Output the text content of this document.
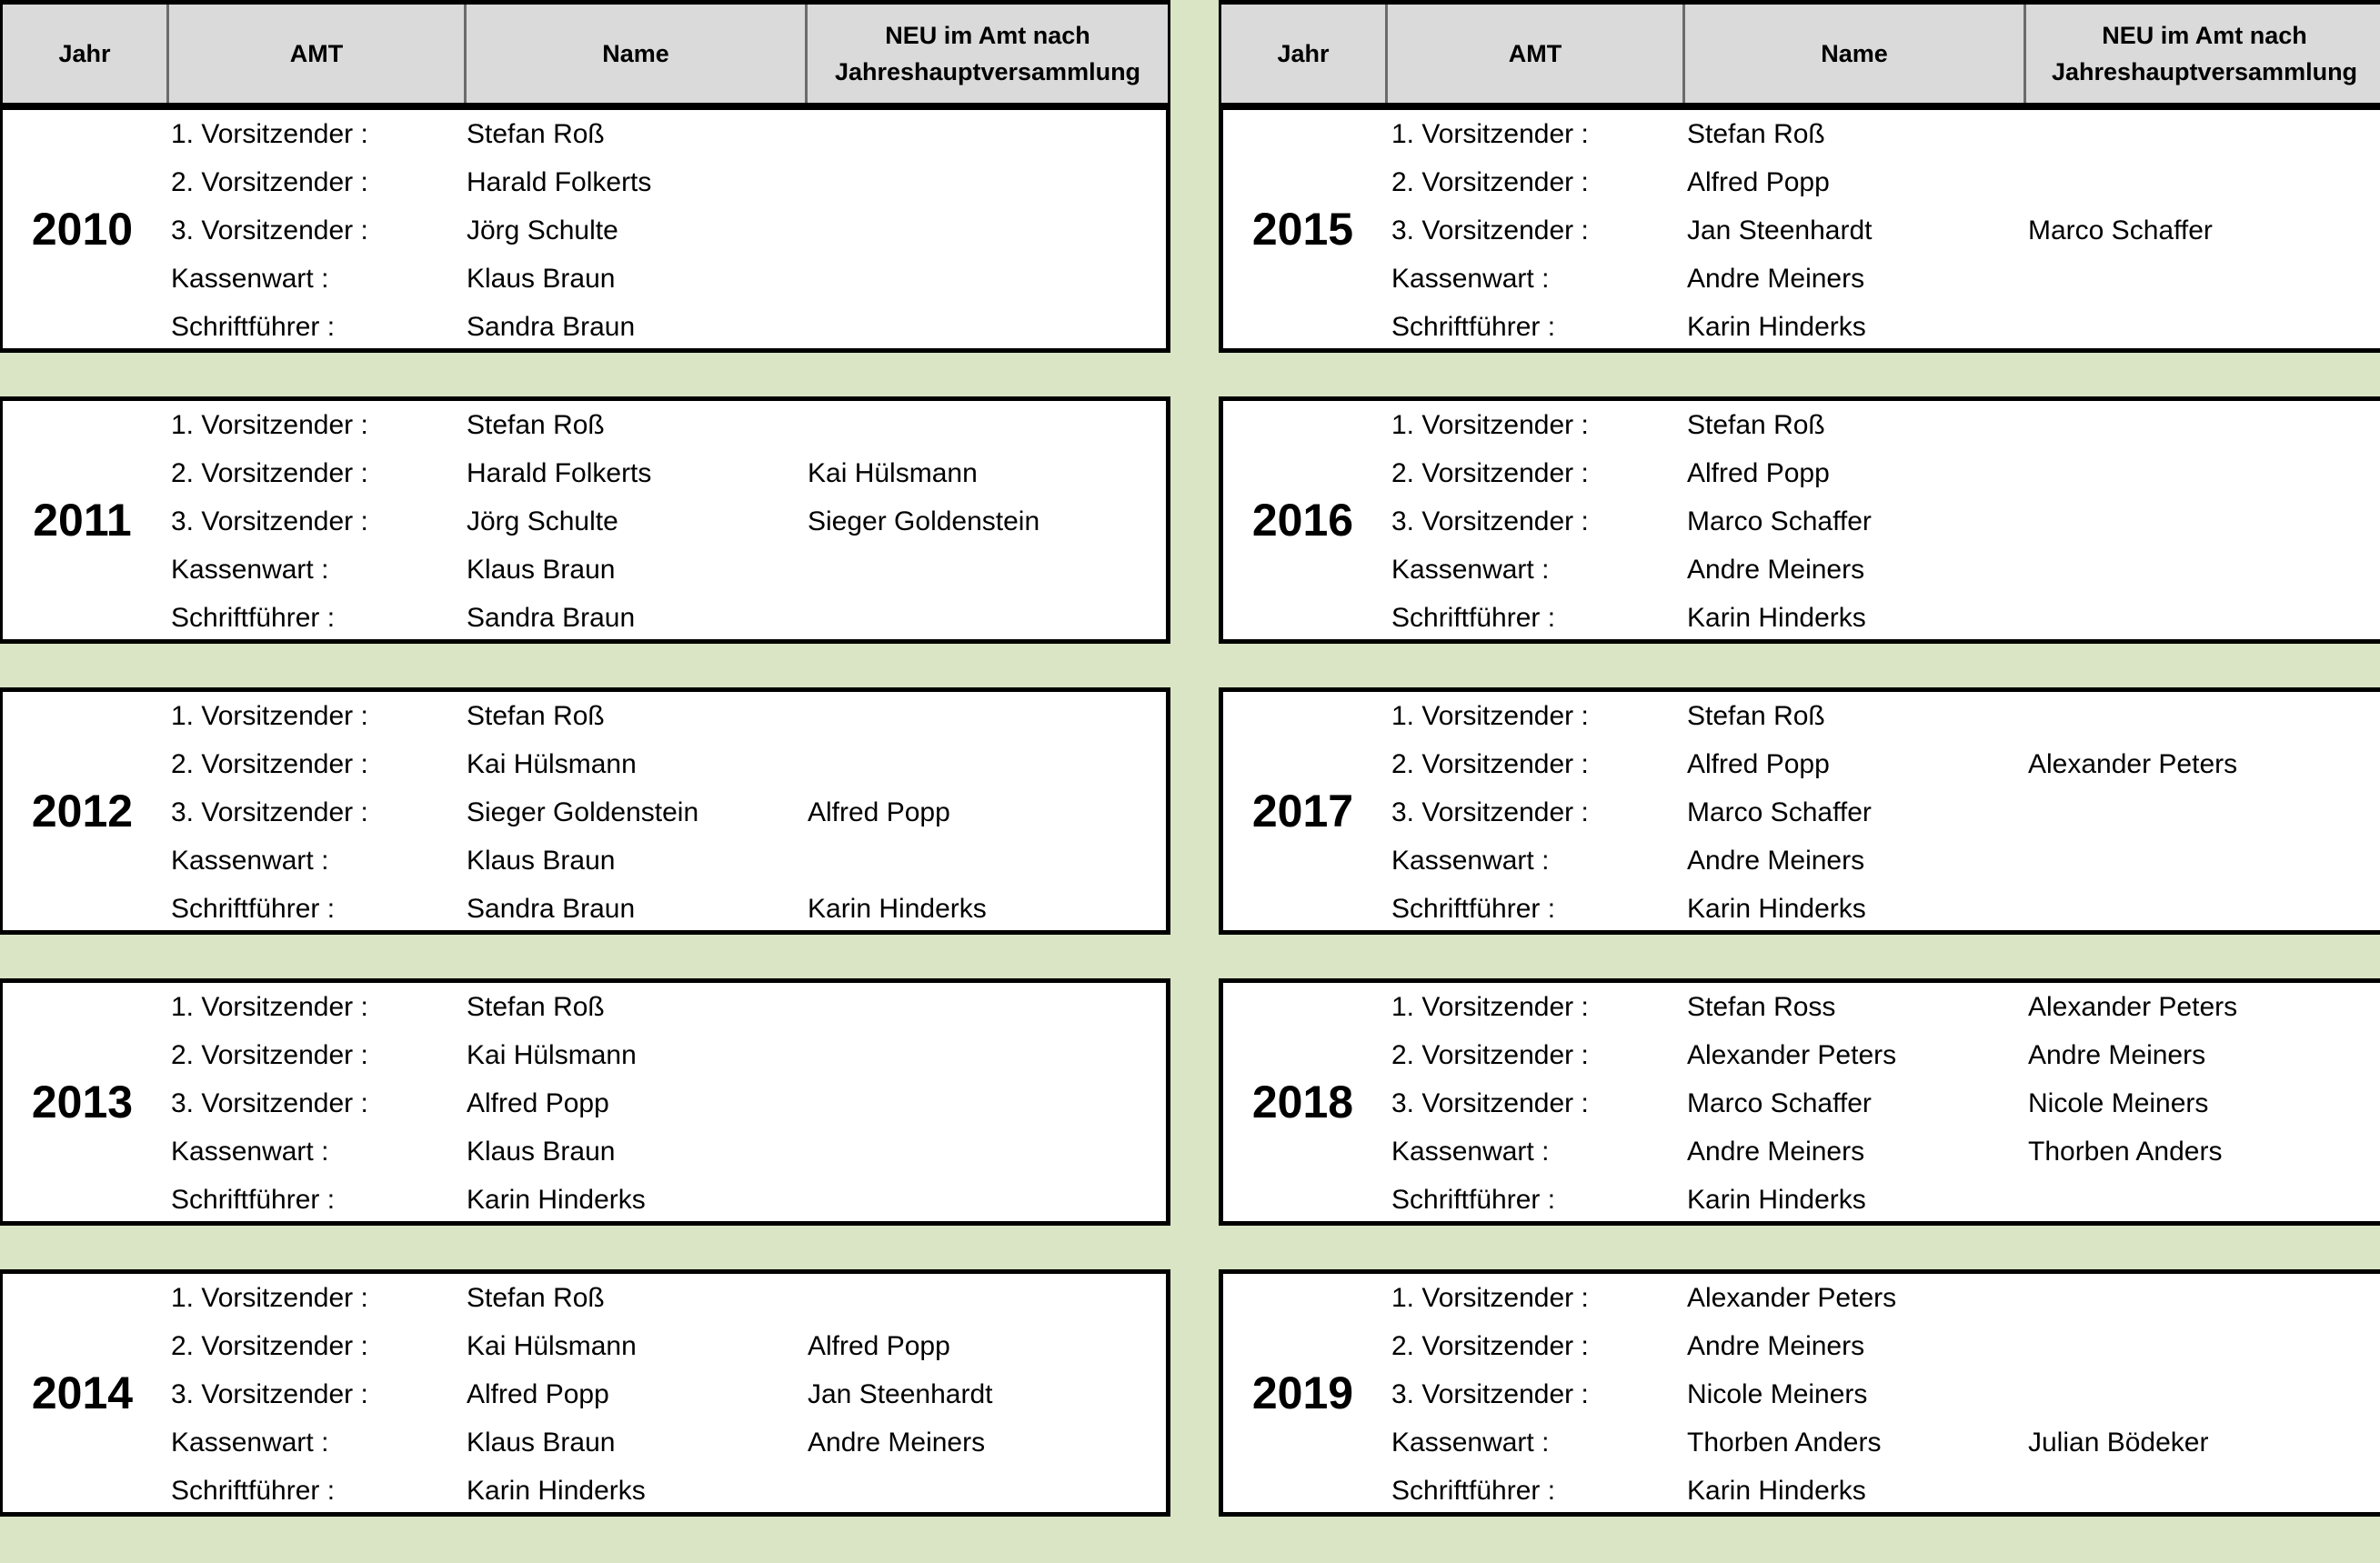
Jahr	AMT	Name
NEU im Amt nach
Jahreshauptversammlung
2010
1. Vorsitzender :	Stefan Roß
2. Vorsitzender :	Harald Folkerts
3. Vorsitzender :	Jörg Schulte
Kassenwart :	Klaus Braun
Schriftführer :	Sandra Braun
2011
1. Vorsitzender :	Stefan Roß
2. Vorsitzender :	Harald Folkerts	Kai Hülsmann
3. Vorsitzender :	Jörg Schulte	Sieger Goldenstein
Kassenwart :	Klaus Braun
Schriftführer :	Sandra Braun
2012
1. Vorsitzender :	Stefan Roß
2. Vorsitzender :	Kai Hülsmann
3. Vorsitzender :	Sieger Goldenstein	Alfred Popp
Kassenwart :	Klaus Braun
Schriftführer :	Sandra Braun	Karin Hinderks
2013
1. Vorsitzender :	Stefan Roß
2. Vorsitzender :	Kai Hülsmann
3. Vorsitzender :	Alfred Popp
Kassenwart :	Klaus Braun
Schriftführer :	Karin Hinderks
2014
1. Vorsitzender :	Stefan Roß
2. Vorsitzender :	Kai Hülsmann	Alfred Popp
3. Vorsitzender :	Alfred Popp	Jan Steenhardt
Kassenwart :	Klaus Braun	Andre Meiners
Schriftführer :	Karin Hinderks
Jahr	AMT	Name
NEU im Amt nach
Jahreshauptversammlung
2015
1. Vorsitzender :	Stefan Roß
2. Vorsitzender :	Alfred Popp
3. Vorsitzender :	Jan Steenhardt	Marco Schaffer
Kassenwart :	Andre Meiners
Schriftführer :	Karin Hinderks
2016
1. Vorsitzender :	Stefan Roß
2. Vorsitzender :	Alfred Popp
3. Vorsitzender :	Marco Schaffer
Kassenwart :	Andre Meiners
Schriftführer :	Karin Hinderks
2017
1. Vorsitzender :	Stefan Roß
2. Vorsitzender :	Alfred Popp	Alexander Peters
3. Vorsitzender :	Marco Schaffer
Kassenwart :	Andre Meiners
Schriftführer :	Karin Hinderks
2018
1. Vorsitzender :	Stefan Ross	Alexander Peters
2. Vorsitzender :	Alexander Peters	Andre Meiners
3. Vorsitzender :	Marco Schaffer	Nicole Meiners
Kassenwart :	Andre Meiners	Thorben Anders
Schriftführer :	Karin Hinderks
2019
1. Vorsitzender :	Alexander Peters
2. Vorsitzender :	Andre Meiners
3. Vorsitzender :	Nicole Meiners
Kassenwart :	Thorben Anders	Julian Bödeker
Schriftführer :	Karin Hinderks
